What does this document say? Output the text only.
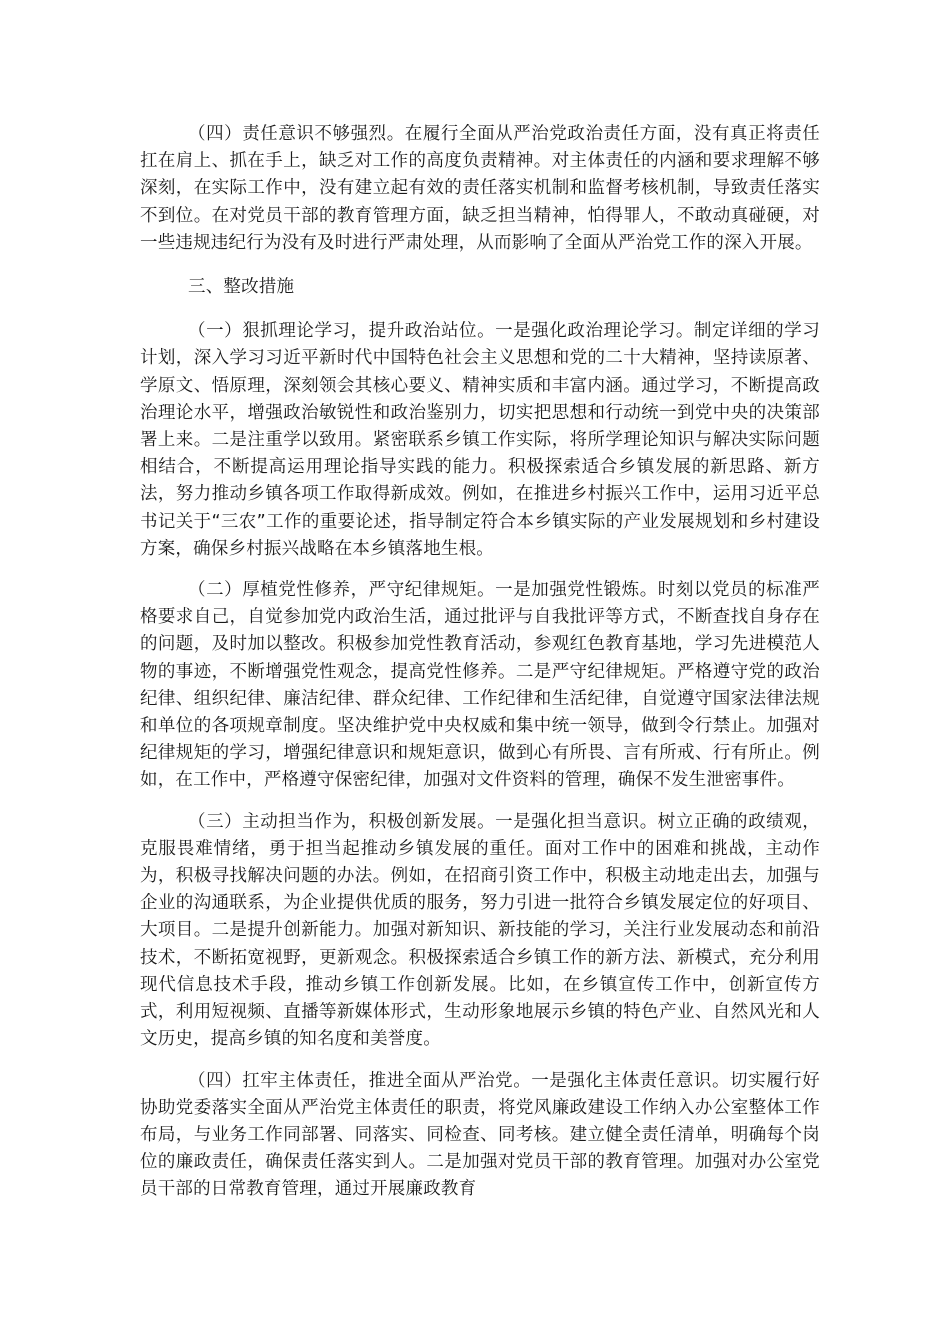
（四）责任意识不够强烈。在履行全面从严治党政治责任方面，没有真正将责任扛在肩上、抓在手上，缺乏对工作的高度负责精神。对主体责任的内涵和要求理解不够深刻，在实际工作中，没有建立起有效的责任落实机制和监督考核机制，导致责任落实不到位。在对党员干部的教育管理方面，缺乏担当精神，怕得罪人，不敢动真碰硬，对一些违规违纪行为没有及时进行严肃处理，从而影响了全面从严治党工作的深入开展。

三、整改措施

（一）狠抓理论学习，提升政治站位。一是强化政治理论学习。制定详细的学习计划，深入学习习近平新时代中国特色社会主义思想和党的二十大精神，坚持读原著、学原文、悟原理，深刻领会其核心要义、精神实质和丰富内涵。通过学习，不断提高政治理论水平，增强政治敏锐性和政治鉴别力，切实把思想和行动统一到党中央的决策部署上来。二是注重学以致用。紧密联系乡镇工作实际，将所学理论知识与解决实际问题相结合，不断提高运用理论指导实践的能力。积极探索适合乡镇发展的新思路、新方法，努力推动乡镇各项工作取得新成效。例如，在推进乡村振兴工作中，运用习近平总书记关于“三农”工作的重要论述，指导制定符合本乡镇实际的产业发展规划和乡村建设方案，确保乡村振兴战略在本乡镇落地生根。

（二）厚植党性修养，严守纪律规矩。一是加强党性锻炼。时刻以党员的标准严格要求自己，自觉参加党内政治生活，通过批评与自我批评等方式，不断查找自身存在的问题，及时加以整改。积极参加党性教育活动，参观红色教育基地，学习先进模范人物的事迹，不断增强党性观念，提高党性修养。二是严守纪律规矩。严格遵守党的政治纪律、组织纪律、廉洁纪律、群众纪律、工作纪律和生活纪律，自觉遵守国家法律法规和单位的各项规章制度。坚决维护党中央权威和集中统一领导，做到令行禁止。加强对纪律规矩的学习，增强纪律意识和规矩意识，做到心有所畏、言有所戒、行有所止。例如，在工作中，严格遵守保密纪律，加强对文件资料的管理，确保不发生泄密事件。

（三）主动担当作为，积极创新发展。一是强化担当意识。树立正确的政绩观，克服畏难情绪，勇于担当起推动乡镇发展的重任。面对工作中的困难和挑战，主动作为，积极寻找解决问题的办法。例如，在招商引资工作中，积极主动地走出去，加强与企业的沟通联系，为企业提供优质的服务，努力引进一批符合乡镇发展定位的好项目、大项目。二是提升创新能力。加强对新知识、新技能的学习，关注行业发展动态和前沿技术，不断拓宽视野，更新观念。积极探索适合乡镇工作的新方法、新模式，充分利用现代信息技术手段，推动乡镇工作创新发展。比如，在乡镇宣传工作中，创新宣传方式，利用短视频、直播等新媒体形式，生动形象地展示乡镇的特色产业、自然风光和人文历史，提高乡镇的知名度和美誉度。

（四）扛牢主体责任，推进全面从严治党。一是强化主体责任意识。切实履行好协助党委落实全面从严治党主体责任的职责，将党风廉政建设工作纳入办公室整体工作布局，与业务工作同部署、同落实、同检查、同考核。建立健全责任清单，明确每个岗位的廉政责任，确保责任落实到人。二是加强对党员干部的教育管理。加强对办公室党员干部的日常教育管理，通过开展廉政教育
